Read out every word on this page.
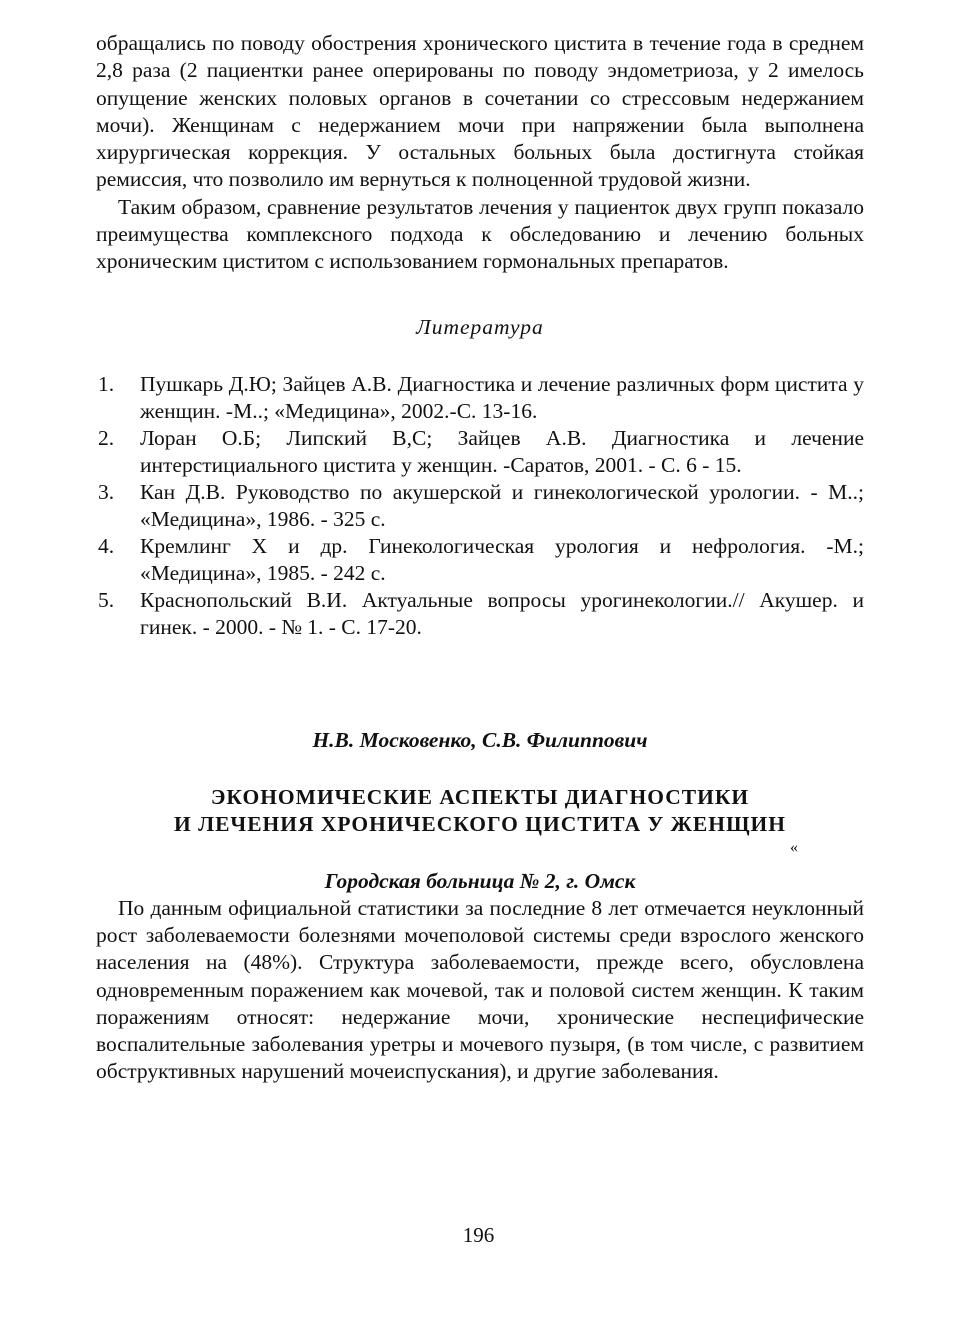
обращались по поводу обострения хронического цистита в течение года в среднем 2,8 раза (2 пациентки ранее оперированы по поводу эндометриоза, у 2 имелось опущение женских половых органов в сочетании со стрессовым недержанием мочи). Женщинам с недержанием мочи при напряжении была выполнена хирургическая коррекция. У остальных больных была достигнута стойкая ремиссия, что позволило им вернуться к полноценной трудовой жизни.

Таким образом, сравнение результатов лечения у пациенток двух групп показало преимущества комплексного подхода к обследованию и лечению больных хроническим циститом с использованием гормональных препаратов.

Литература
1. Пушкарь Д.Ю; Зайцев А.В. Диагностика и лечение различных форм цистита у женщин. -М..; «Медицина», 2002.-С. 13-16.
2. Лоран О.Б; Липский В,С; Зайцев А.В. Диагностика и лечение интерстициального цистита у женщин. -Саратов, 2001. - С. 6 - 15.
3. Кан Д.В. Руководство по акушерской и гинекологической урологии. - М..; «Медицина», 1986. - 325 с.
4. Кремлинг X и др. Гинекологическая урология и нефрология. -М.; «Медицина», 1985. - 242 с.
5. Краснопольский В.И. Актуальные вопросы урогинекологии.// Акушер. и гинек. - 2000. - № 1. - С. 17-20.
Н.В. Московенко, С.В. Филиппович
ЭКОНОМИЧЕСКИЕ АСПЕКТЫ ДИАГНОСТИКИ
И ЛЕЧЕНИЯ ХРОНИЧЕСКОГО ЦИСТИТА У ЖЕНЩИН
«
Городская больница № 2, г. Омск

По данным официальной статистики за последние 8 лет отмечается неуклонный рост заболеваемости болезнями мочеполовой системы среди взрослого женского населения на (48%). Структура заболеваемости, прежде всего, обусловлена одновременным поражением как мочевой, так и половой систем женщин. К таким поражениям относят: недержание мочи, хронические неспецифические воспалительные заболевания уретры и мочевого пузыря, (в том числе, с развитием обструктивных нарушений мочеиспускания), и другие заболевания.

196
